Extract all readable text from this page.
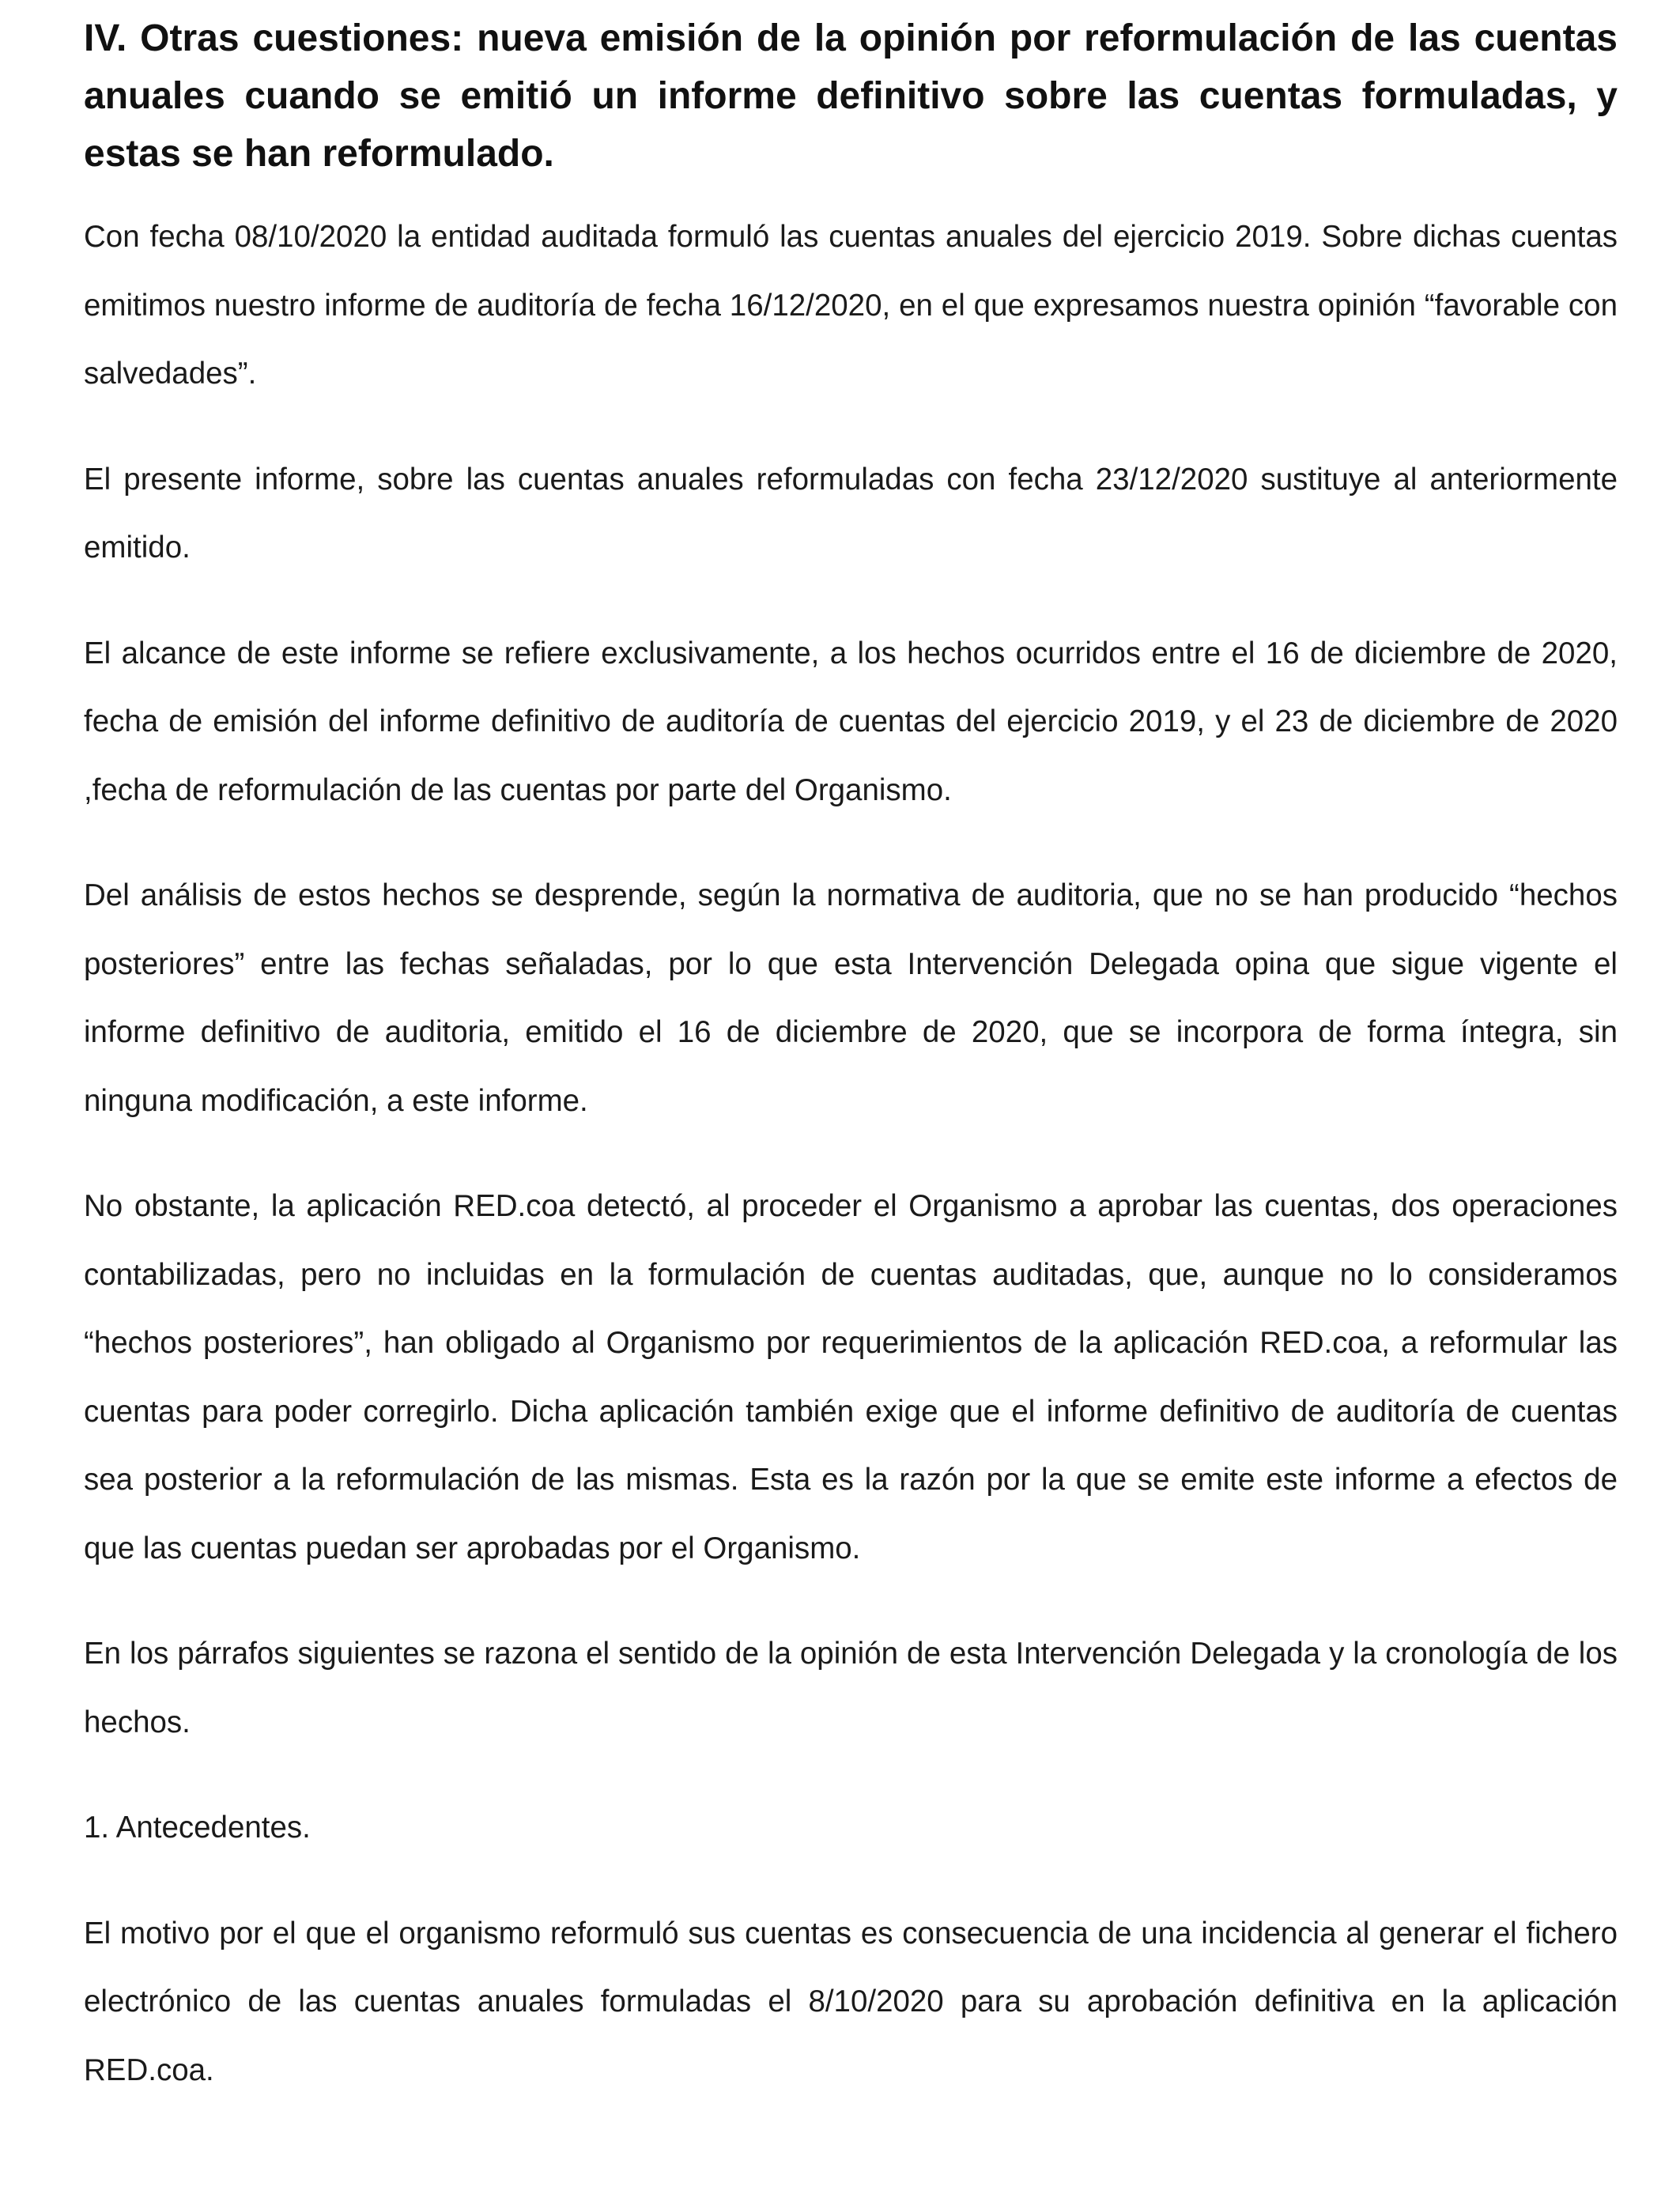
IV. Otras cuestiones: nueva emisión de la opinión por reformulación de las cuentas anuales cuando se emitió un informe definitivo sobre las cuentas formuladas, y estas se han reformulado.

Con fecha 08/10/2020 la entidad auditada formuló las cuentas anuales del ejercicio 2019. Sobre dichas cuentas emitimos nuestro informe de auditoría de fecha 16/12/2020, en el que expresamos nuestra opinión “favorable con salvedades”.

El presente informe, sobre las cuentas anuales reformuladas con fecha 23/12/2020 sustituye al anteriormente emitido.

El alcance de este informe se refiere exclusivamente, a los hechos ocurridos entre el 16 de diciembre de 2020, fecha de emisión del informe definitivo de auditoría de cuentas del ejercicio 2019, y el 23 de diciembre de 2020 ,fecha de reformulación de las cuentas por parte del Organismo.

Del análisis de estos hechos se desprende, según la normativa de auditoria, que no se han producido “hechos posteriores” entre las fechas señaladas, por lo que esta Intervención Delegada opina que sigue vigente el informe definitivo de auditoria, emitido el 16 de diciembre de 2020, que se incorpora de forma íntegra, sin ninguna modificación, a este informe.

No obstante, la aplicación RED.coa detectó, al proceder el Organismo a aprobar las cuentas, dos operaciones contabilizadas, pero no incluidas en la formulación de cuentas auditadas, que, aunque no lo consideramos “hechos posteriores”, han obligado al Organismo por requerimientos de la aplicación RED.coa, a reformular las cuentas para poder corregirlo. Dicha aplicación también exige que el informe definitivo de auditoría de cuentas sea posterior a la reformulación de las mismas. Esta es la razón por la que se emite este informe a efectos de que las cuentas puedan ser aprobadas por el Organismo.

En los párrafos siguientes se razona el sentido de la opinión de esta Intervención Delegada y la cronología de los hechos.

1. Antecedentes.

El motivo por el que el organismo reformuló sus cuentas es consecuencia de una incidencia al generar el fichero electrónico de las cuentas anuales formuladas el 8/10/2020 para su aprobación definitiva en la aplicación RED.coa.
